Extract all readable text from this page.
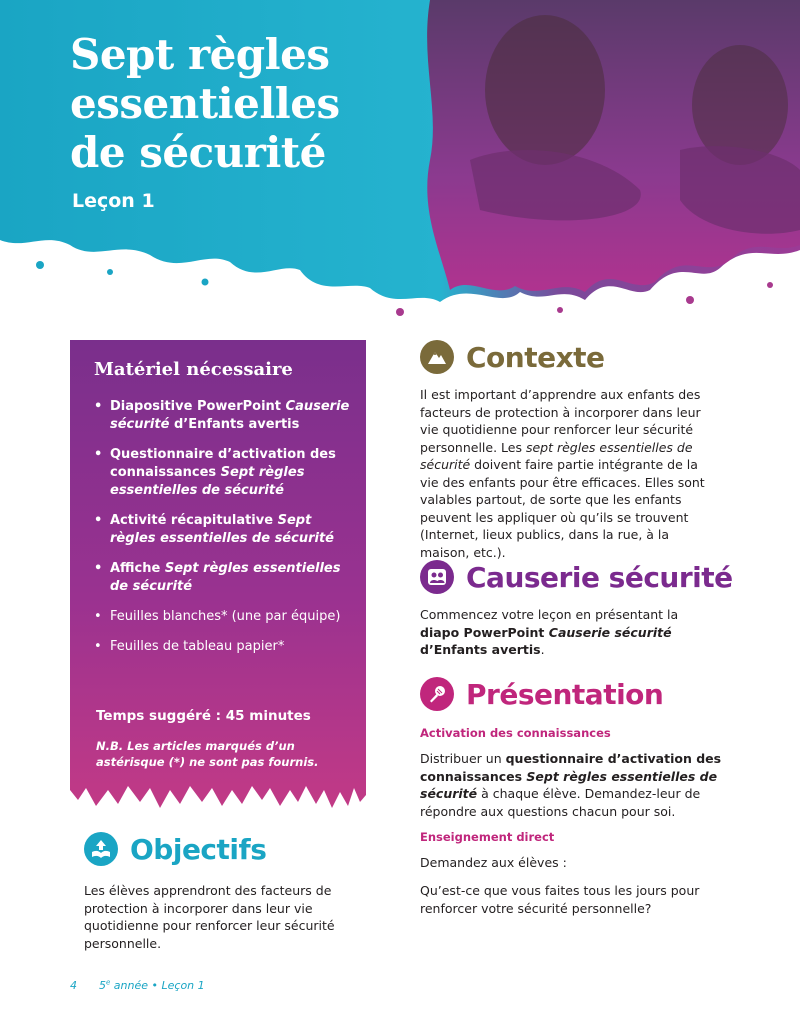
Sept règles
essentielles
de sécurité
Leçon 1
Matériel nécessaire
• Diapositive PowerPoint Causerie sécurité d’Enfants avertis
• Questionnaire d’activation des connaissances Sept règles essentielles de sécurité
• Activité récapitulative Sept règles essentielles de sécurité
• Affiche Sept règles essentielles de sécurité
• Feuilles blanches* (une par équipe)
• Feuilles de tableau papier*
Temps suggéré : 45 minutes
N.B. Les articles marqués d’un astérisque (*) ne sont pas fournis.
Objectifs
Les élèves apprendront des facteurs de protection à incorporer dans leur vie quotidienne pour renforcer leur sécurité personnelle.
Contexte
Il est important d’apprendre aux enfants des facteurs de protection à incorporer dans leur vie quotidienne pour renforcer leur sécurité personnelle. Les sept règles essentielles de sécurité doivent faire partie intégrante de la vie des enfants pour être efficaces. Elles sont valables partout, de sorte que les enfants peuvent les appliquer où qu’ils se trouvent (Internet, lieux publics, dans la rue, à la maison, etc.).
Causerie sécurité
Commencez votre leçon en présentant la diapo PowerPoint Causerie sécurité d’Enfants avertis.
Présentation
Activation des connaissances
Distribuer un questionnaire d’activation des connaissances Sept règles essentielles de sécurité à chaque élève. Demandez-leur de répondre aux questions chacun pour soi.
Enseignement direct
Demandez aux élèves :
Qu’est-ce que vous faites tous les jours pour renforcer votre sécurité personnelle?
4 5e année • Leçon 1
